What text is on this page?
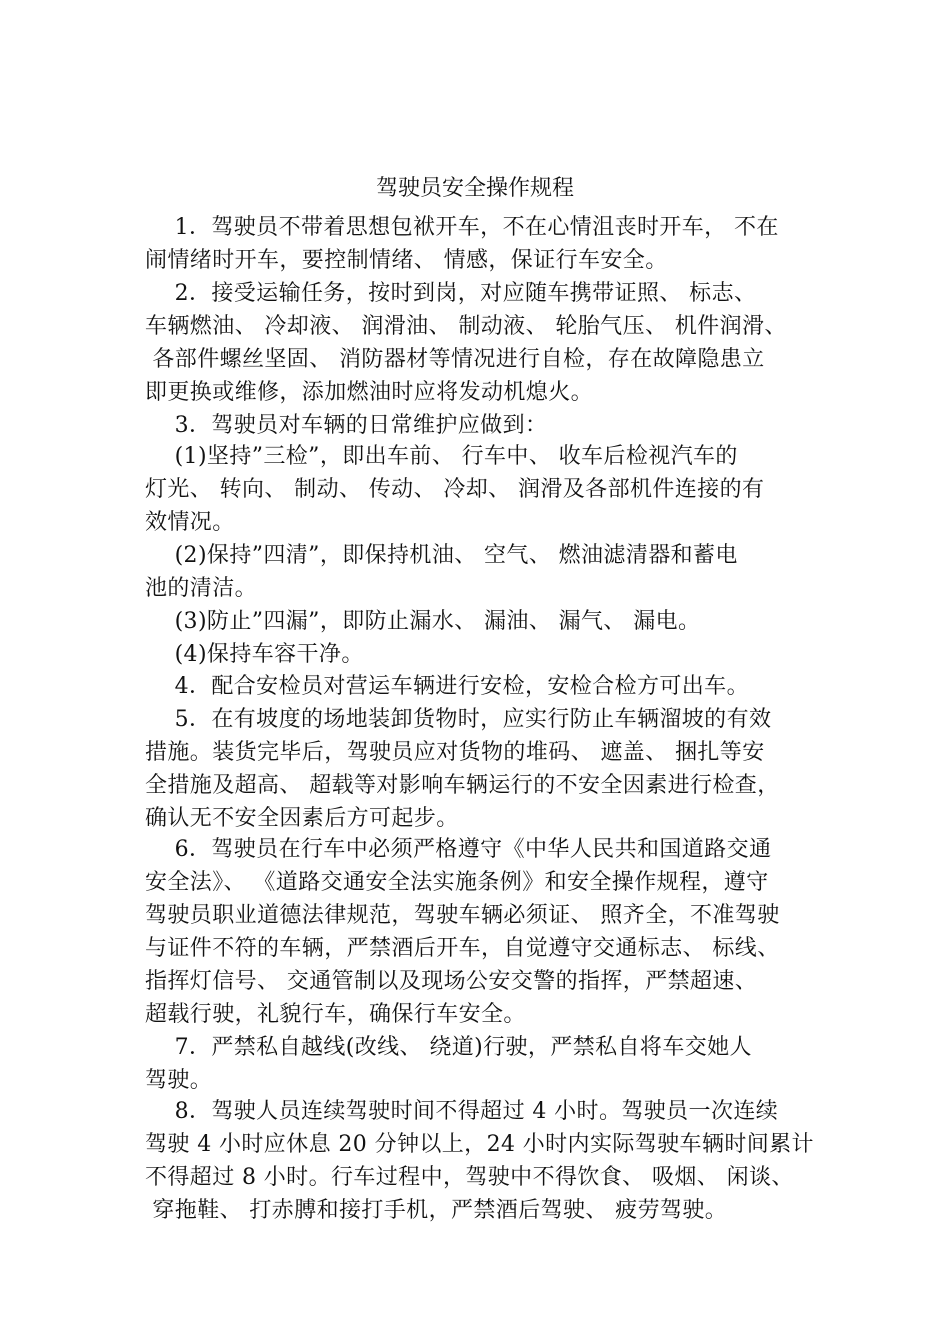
驾驶员安全操作规程
1．驾驶员不带着思想包袱开车，不在心情沮丧时开车， 不在
闹情绪时开车，要控制情绪、 情感，保证行车安全。
2．接受运输任务，按时到岗，对应随车携带证照、 标志、
车辆燃油、 冷却液、 润滑油、 制动液、 轮胎气压、 机件润滑、
各部件螺丝坚固、 消防器材等情况进行自检，存在故障隐患立
即更换或维修，添加燃油时应将发动机熄火。
3．驾驶员对车辆的日常维护应做到：
(1)坚持”三检”，即出车前、 行车中、 收车后检视汽车的
灯光、 转向、 制动、 传动、 冷却、 润滑及各部机件连接的有
效情况。
(2)保持”四清”，即保持机油、 空气、 燃油滤清器和蓄电
池的清洁。
(3)防止”四漏”，即防止漏水、 漏油、 漏气、 漏电。
(4)保持车容干净。
4．配合安检员对营运车辆进行安检，安检合检方可出车。
5．在有坡度的场地装卸货物时，应实行防止车辆溜坡的有效
措施。装货完毕后，驾驶员应对货物的堆码、 遮盖、 捆扎等安
全措施及超高、 超载等对影响车辆运行的不安全因素进行检查，
确认无不安全因素后方可起步。
6．驾驶员在行车中必须严格遵守《中华人民共和国道路交通
安全法》、 《道路交通安全法实施条例》和安全操作规程，遵守
驾驶员职业道德法律规范，驾驶车辆必须证、 照齐全，不准驾驶
与证件不符的车辆，严禁酒后开车，自觉遵守交通标志、 标线、
指挥灯信号、 交通管制以及现场公安交警的指挥，严禁超速、
超载行驶，礼貌行车，确保行车安全。
7．严禁私自越线(改线、 绕道)行驶，严禁私自将车交她人
驾驶。
8．驾驶人员连续驾驶时间不得超过 4 小时。驾驶员一次连续
驾驶 4 小时应休息 20 分钟以上，24 小时内实际驾驶车辆时间累计
不得超过 8 小时。行车过程中，驾驶中不得饮食、 吸烟、 闲谈、
穿拖鞋、 打赤膊和接打手机，严禁酒后驾驶、 疲劳驾驶。
